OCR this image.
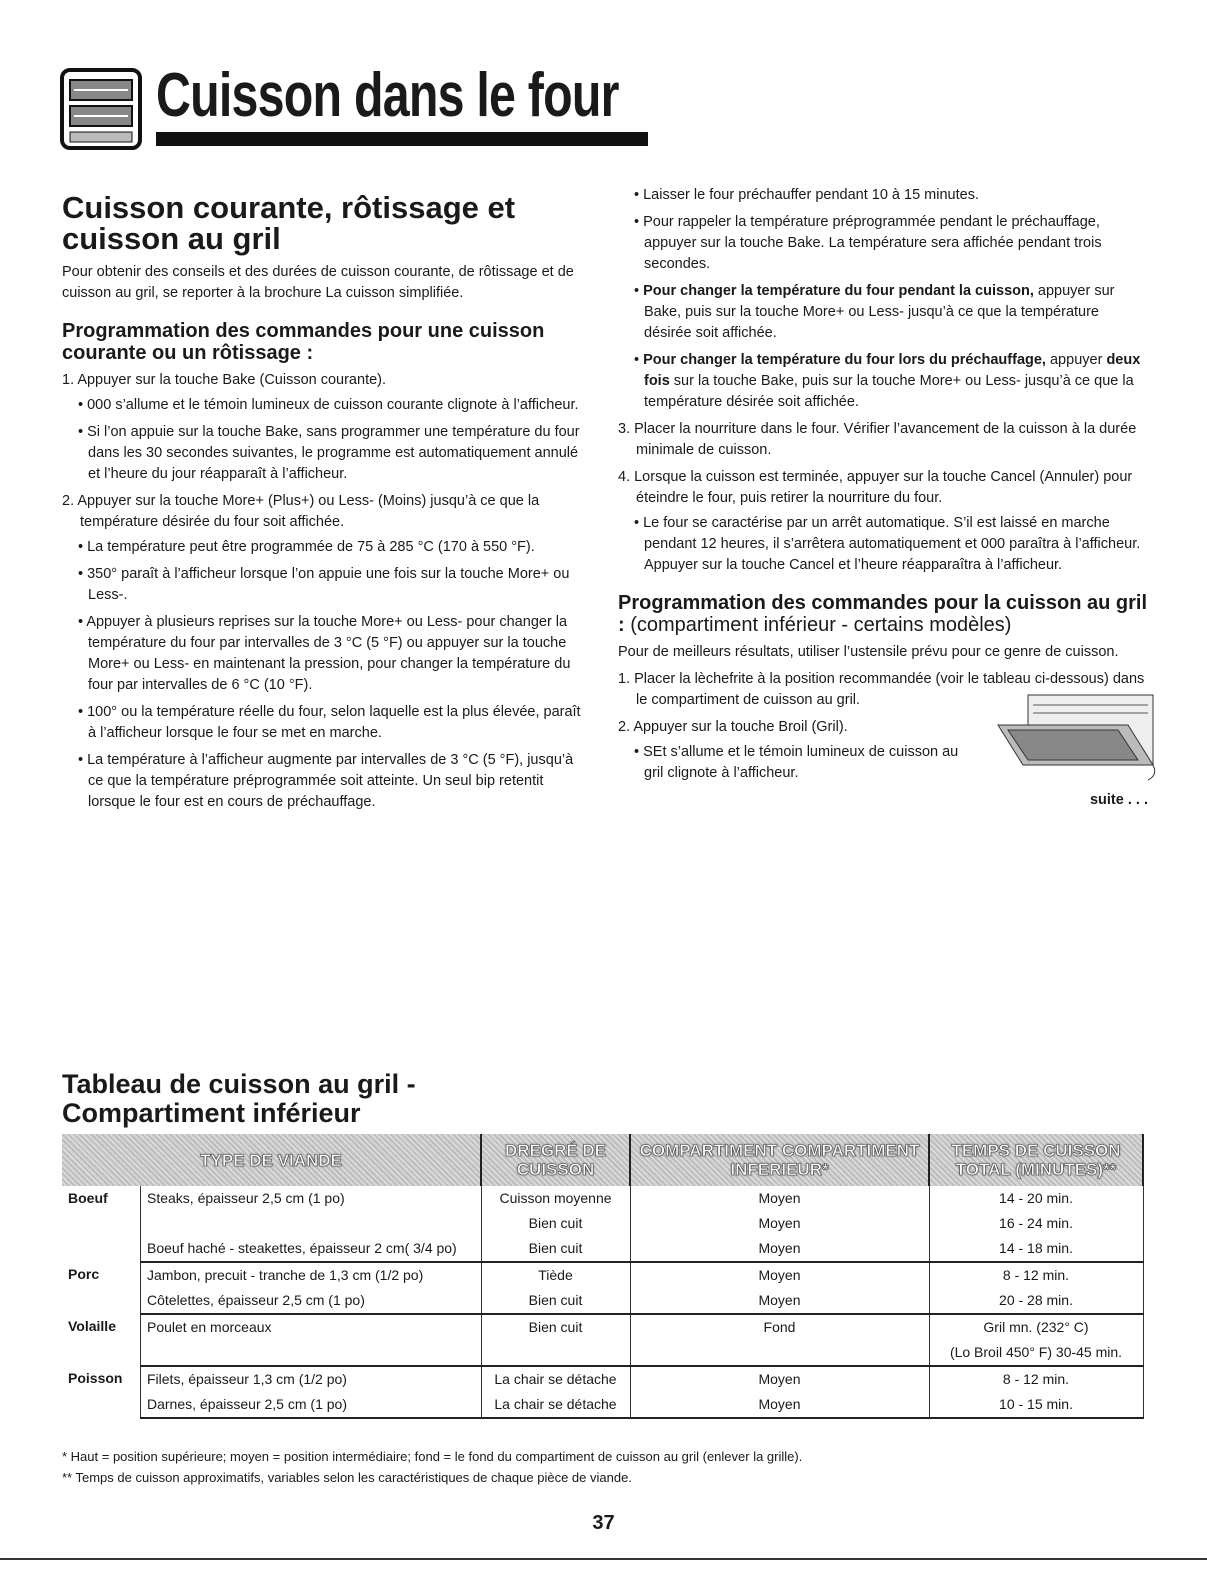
Cuisson dans le four
Cuisson courante, rôtissage et cuisson au gril

Pour obtenir des conseils et des durées de cuisson courante, de rôtissage et de cuisson au gril, se reporter à la brochure La cuisson simplifiée.

Programmation des commandes pour une cuisson courante ou un rôtissage :
1. Appuyer sur la touche Bake (Cuisson courante).
• 000 s’allume et le témoin lumineux de cuisson courante clignote à l’afficheur.
• Si l’on appuie sur la touche Bake, sans programmer une température du four dans les 30 secondes suivantes, le programme est automatiquement annulé et l’heure du jour réapparaît à l’afficheur.
2. Appuyer sur la touche More+ (Plus+) ou Less- (Moins) jusqu’à ce que la température désirée du four soit affichée.
• La température peut être programmée de 75 à 285 °C (170 à 550 °F).
• 350° paraît à l’afficheur lorsque l’on appuie une fois sur la touche More+ ou Less-.
• Appuyer à plusieurs reprises sur la touche More+ ou Less- pour changer la température du four par intervalles de 3 °C (5 °F) ou appuyer sur la touche More+ ou Less- en maintenant la pression, pour changer la température du four par intervalles de 6 °C (10 °F).
• 100° ou la température réelle du four, selon laquelle est la plus élevée, paraît à l’afficheur lorsque le four se met en marche.
• La température à l’afficheur augmente par intervalles de 3 °C (5 °F), jusqu’à ce que la température préprogrammée soit atteinte. Un seul bip retentit lorsque le four est en cours de préchauffage.
• Laisser le four préchauffer pendant 10 à 15 minutes.
• Pour rappeler la température préprogrammée pendant le préchauffage, appuyer sur la touche Bake. La température sera affichée pendant trois secondes.
• Pour changer la température du four pendant la cuisson, appuyer sur Bake, puis sur la touche More+ ou Less- jusqu’à ce que la température désirée soit affichée.
• Pour changer la température du four lors du préchauffage, appuyer deux fois sur la touche Bake, puis sur la touche More+ ou Less- jusqu’à ce que la température désirée soit affichée.
3. Placer la nourriture dans le four. Vérifier l’avancement de la cuisson à la durée minimale de cuisson.
4. Lorsque la cuisson est terminée, appuyer sur la touche Cancel (Annuler) pour éteindre le four, puis retirer la nourriture du four.
• Le four se caractérise par un arrêt automatique. S’il est laissé en marche pendant 12 heures, il s’arrêtera automatiquement et 000 paraîtra à l’afficheur. Appuyer sur la touche Cancel et l’heure réapparaîtra à l’afficheur.
Programmation des commandes pour la cuisson au gril : (compartiment inférieur - certains modèles)

Pour de meilleurs résultats, utiliser l’ustensile prévu pour ce genre de cuisson.

1. Placer la lèchefrite à la position recommandée (voir le tableau ci-dessous) dans le compartiment de cuisson au gril.
2. Appuyer sur la touche Broil (Gril).
• SEt s’allume et le témoin lumineux de cuisson au gril clignote à l’afficheur.
suite . . .
Tableau de cuisson au gril -
Compartiment inférieur
TYPE DE VIANDE		DREGRÉ DE CUISSON	COMPARTIMENT COMPARTIMENT INFERIEUR*	TEMPS DE CUISSON TOTAL (MINUTES)**
Boeuf	Steaks, épaisseur 2,5 cm (1 po)	Cuisson moyenne	Moyen	14 - 20 min.
		Bien cuit	Moyen	16 - 24 min.
	Boeuf haché - steakettes, épaisseur 2 cm( 3/4 po)	Bien cuit	Moyen	14 - 18 min.
Porc	Jambon, precuit - tranche de 1,3 cm (1/2 po)	Tiède	Moyen	8 - 12 min.
	Côtelettes, épaisseur 2,5 cm (1 po)	Bien cuit	Moyen	20 - 28 min.
Volaille	Poulet en morceaux	Bien cuit	Fond	Gril mn. (232° C)
				(Lo Broil 450° F) 30-45 min.
Poisson	Filets, épaisseur 1,3 cm (1/2 po)	La chair se détache	Moyen	8 - 12 min.
	Darnes, épaisseur 2,5 cm (1 po)	La chair se détache	Moyen	10 - 15 min.
* Haut = position supérieure; moyen = position intermédiaire; fond = le fond du compartiment de cuisson au gril (enlever la grille).
** Temps de cuisson approximatifs, variables selon les caractéristiques de chaque pièce de viande.
37
